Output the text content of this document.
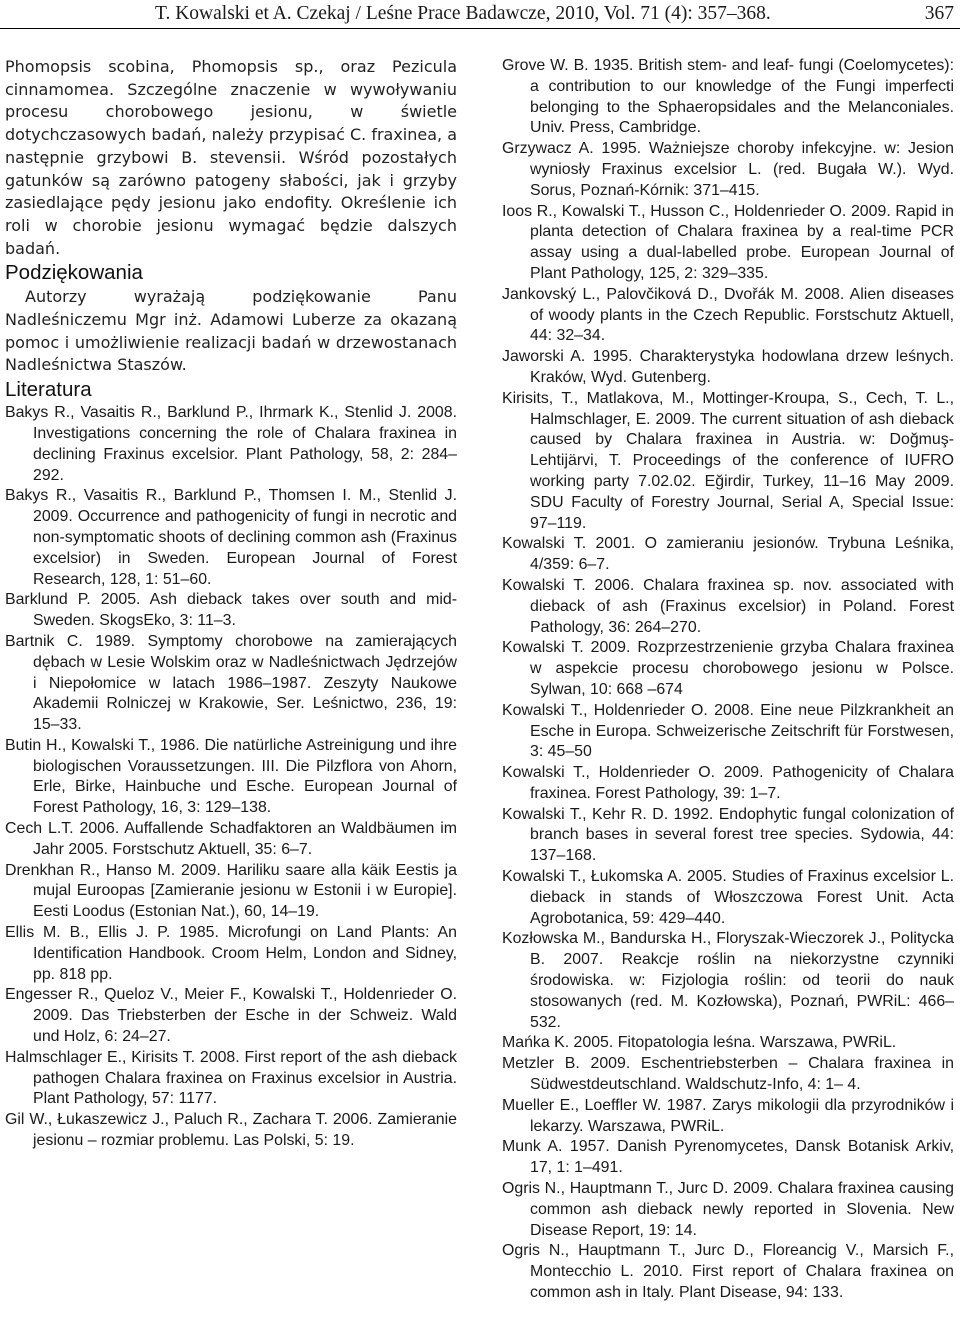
T. Kowalski et A. Czekaj / Leśne Prace Badawcze, 2010, Vol. 71 (4): 357–368.	367

Phomopsis scobina, Phomopsis sp., oraz Pezicula cinnamomea. Szczególne znaczenie w wywoływaniu procesu chorobowego jesionu, w świetle dotychczasowych badań, należy przypisać C. fraxinea, a następnie grzybowi B. stevensii. Wśród pozostałych gatunków są zarówno patogeny słabości, jak i grzyby zasiedlające pędy jesionu jako endofity. Określenie ich roli w chorobie jesionu wymagać będzie dalszych badań.

Podziękowania

Autorzy wyrażają podziękowanie Panu Nadleśniczemu Mgr inż. Adamowi Luberze za okazaną pomoc i umożliwienie realizacji badań w drzewostanach Nadleśnictwa Staszów.

Literatura

Bakys R., Vasaitis R., Barklund P., Ihrmark K., Stenlid J. 2008. Investigations concerning the role of Chalara fraxinea in declining Fraxinus excelsior. Plant Pathology, 58, 2: 284–292.

Bakys R., Vasaitis R., Barklund P., Thomsen I. M., Stenlid J. 2009. Occurrence and pathogenicity of fungi in necrotic and non-symptomatic shoots of declining common ash (Fraxinus excelsior) in Sweden. European Journal of Forest Research, 128, 1: 51–60.

Barklund P. 2005. Ash dieback takes over south and mid-Sweden. SkogsEko, 3: 11–3.

Bartnik C. 1989. Symptomy chorobowe na zamierających dębach w Lesie Wolskim oraz w Nadleśnictwach Jędrzejów i Niepołomice w latach 1986–1987. Zeszyty Naukowe Akademii Rolniczej w Krakowie, Ser. Leśnictwo, 236, 19: 15–33.

Butin H., Kowalski T., 1986. Die natürliche Astreinigung und ihre biologischen Voraussetzungen. III. Die Pilzflora von Ahorn, Erle, Birke, Hainbuche und Esche. European Journal of Forest Pathology, 16, 3: 129–138.

Cech L.T. 2006. Auffallende Schadfaktoren an Waldbäumen im Jahr 2005. Forstschutz Aktuell, 35: 6–7.

Drenkhan R., Hanso M. 2009. Hariliku saare alla käik Eestis ja mujal Euroopas [Zamieranie jesionu w Estonii i w Europie]. Eesti Loodus (Estonian Nat.), 60, 14–19.

Ellis M. B., Ellis J. P. 1985. Microfungi on Land Plants: An Identification Handbook. Croom Helm, London and Sidney, pp. 818 pp.

Engesser R., Queloz V., Meier F., Kowalski T., Holdenrieder O. 2009. Das Triebsterben der Esche in der Schweiz. Wald und Holz, 6: 24–27.

Halmschlager E., Kirisits T. 2008. First report of the ash dieback pathogen Chalara fraxinea on Fraxinus excelsior in Austria. Plant Pathology, 57: 1177.

Gil W., Łukaszewicz J., Paluch R., Zachara T. 2006. Zamieranie jesionu – rozmiar problemu. Las Polski, 5: 19.

Grove W. B. 1935. British stem- and leaf- fungi (Coelomycetes): a contribution to our knowledge of the Fungi imperfecti belonging to the Sphaeropsidales and the Melanconiales. Univ. Press, Cambridge.

Grzywacz A. 1995. Ważniejsze choroby infekcyjne. w: Jesion wyniosły Fraxinus excelsior L. (red. Bugała W.). Wyd. Sorus, Poznań-Kórnik: 371–415.

Ioos R., Kowalski T., Husson C., Holdenrieder O. 2009. Rapid in planta detection of Chalara fraxinea by a real-time PCR assay using a dual-labelled probe. European Journal of Plant Pathology, 125, 2: 329–335.

Jankovský L., Palovčiková D., Dvořák M. 2008. Alien diseases of woody plants in the Czech Republic. Forstschutz Aktuell, 44: 32–34.

Jaworski A. 1995. Charakterystyka hodowlana drzew leśnych. Kraków, Wyd. Gutenberg.

Kirisits, T., Matlakova, M., Mottinger-Kroupa, S., Cech, T. L., Halmschlager, E. 2009. The current situation of ash dieback caused by Chalara fraxinea in Austria. w: Doğmuş-Lehtijärvi, T. Proceedings of the conference of IUFRO working party 7.02.02. Eğirdir, Turkey, 11–16 May 2009. SDU Faculty of Forestry Journal, Serial A, Special Issue: 97–119.

Kowalski T. 2001. O zamieraniu jesionów. Trybuna Leśnika, 4/359: 6–7.

Kowalski T. 2006. Chalara fraxinea sp. nov. associated with dieback of ash (Fraxinus excelsior) in Poland. Forest Pathology, 36: 264–270.

Kowalski T. 2009. Rozprzestrzenienie grzyba Chalara fraxinea w aspekcie procesu chorobowego jesionu w Polsce. Sylwan, 10: 668 –674

Kowalski T., Holdenrieder O. 2008. Eine neue Pilzkrankheit an Esche in Europa. Schweizerische Zeitschrift für Forstwesen, 3: 45–50

Kowalski T., Holdenrieder O. 2009. Pathogenicity of Chalara fraxinea. Forest Pathology, 39: 1–7.

Kowalski T., Kehr R. D. 1992. Endophytic fungal colonization of branch bases in several forest tree species. Sydowia, 44: 137–168.

Kowalski T., Łukomska A. 2005. Studies of Fraxinus excelsior L. dieback in stands of Włoszczowa Forest Unit. Acta Agrobotanica, 59: 429–440.

Kozłowska M., Bandurska H., Floryszak-Wieczorek J., Politycka B. 2007. Reakcje roślin na niekorzystne czynniki środowiska. w: Fizjologia roślin: od teorii do nauk stosowanych (red. M. Kozłowska), Poznań, PWRiL: 466–532.

Mańka K. 2005. Fitopatologia leśna. Warszawa, PWRiL.

Metzler B. 2009. Eschentriebsterben – Chalara fraxinea in Südwestdeutschland. Waldschutz-Info, 4: 1– 4.

Mueller E., Loeffler W. 1987. Zarys mikologii dla przyrodników i lekarzy. Warszawa, PWRiL.

Munk A. 1957. Danish Pyrenomycetes, Dansk Botanisk Arkiv, 17, 1: 1–491.

Ogris N., Hauptmann T., Jurc D. 2009. Chalara fraxinea causing common ash dieback newly reported in Slovenia. New Disease Report, 19: 14.

Ogris N., Hauptmann T., Jurc D., Floreancig V., Marsich F., Montecchio L. 2010. First report of Chalara fraxinea on common ash in Italy. Plant Disease, 94: 133.
